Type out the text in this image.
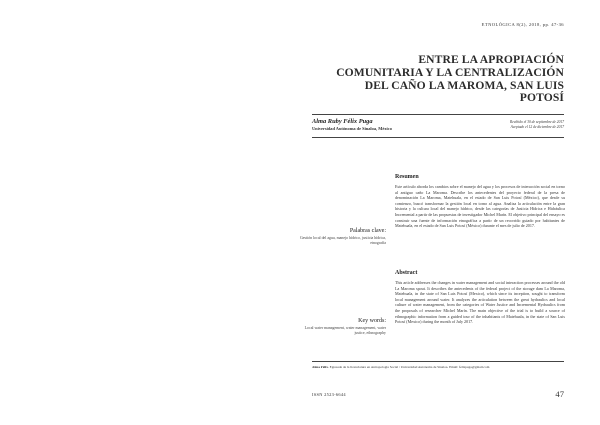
ETNOLÓGICA 8(2), 2018, pp. 47-36
ENTRE LA APROPIACIÓN
COMUNITARIA Y LA CENTRALIZACIÓN
DEL CAÑO LA MAROMA, SAN LUIS
POTOSÍ
Alma Ruby Félix Puga
Universidad Autónoma de Sinaloa, México
Recibido el 30 de septiembre de 2017
Aceptado el 12 de diciembre de 2017
Resumen
Este artículo aborda los cambios sobre el manejo del agua y los procesos de interacción social en torno al antiguo caño La Maroma. Describe los antecedentes del proyecto federal de la presa de denominación La Maroma, Matehuala, en el estado de San Luis Potosí (México), que desde su comienzo, buscó transformar la gestión local en torno al agua. Analiza la articulación entre la gran historia y la cultura local del manejo hídrico, desde las categorías de Justicia Hídrica e Hidráulica Incremental a partir de las propuestas de investigador Michel Marín. El objetivo principal del ensayo es construir una fuente de información etnográfica a partir de un recorrido guiado por habitantes de Matehuala, en el estado de San Luis Potosí (México) durante el mes de julio de 2017.
Palabras clave:
Gestión local del agua, manejo hídrico, justicia hídrica, etnografía
Abstract
This article addresses the changes in water management and social interaction processes around the old La Maroma spout. It describes the antecedents of the federal project of the storage dam La Maroma, Matehuala, in the state of San Luis Potosí (Mexico), which since its inception, sought to transform local management around water. It analyzes the articulation between the great hydraulics and local culture of water management, from the categories of Water Justice and Incremental Hydraulics from the proposals of researcher Michel Marín. The main objective of the trial is to build a source of ethnographic information from a guided tour of the inhabitants of Matehuala, in the state of San Luis Potosí (Mexico) during the month of July 2017.
Key words:
Local water management, water management, water justice, ethnography
Alma Félix. Egresada de la licenciatura en Antropología Social / Universidad Autónoma de Sinaloa. Email: felixpuga@gmail.com
ISSN 2523-6644	47
